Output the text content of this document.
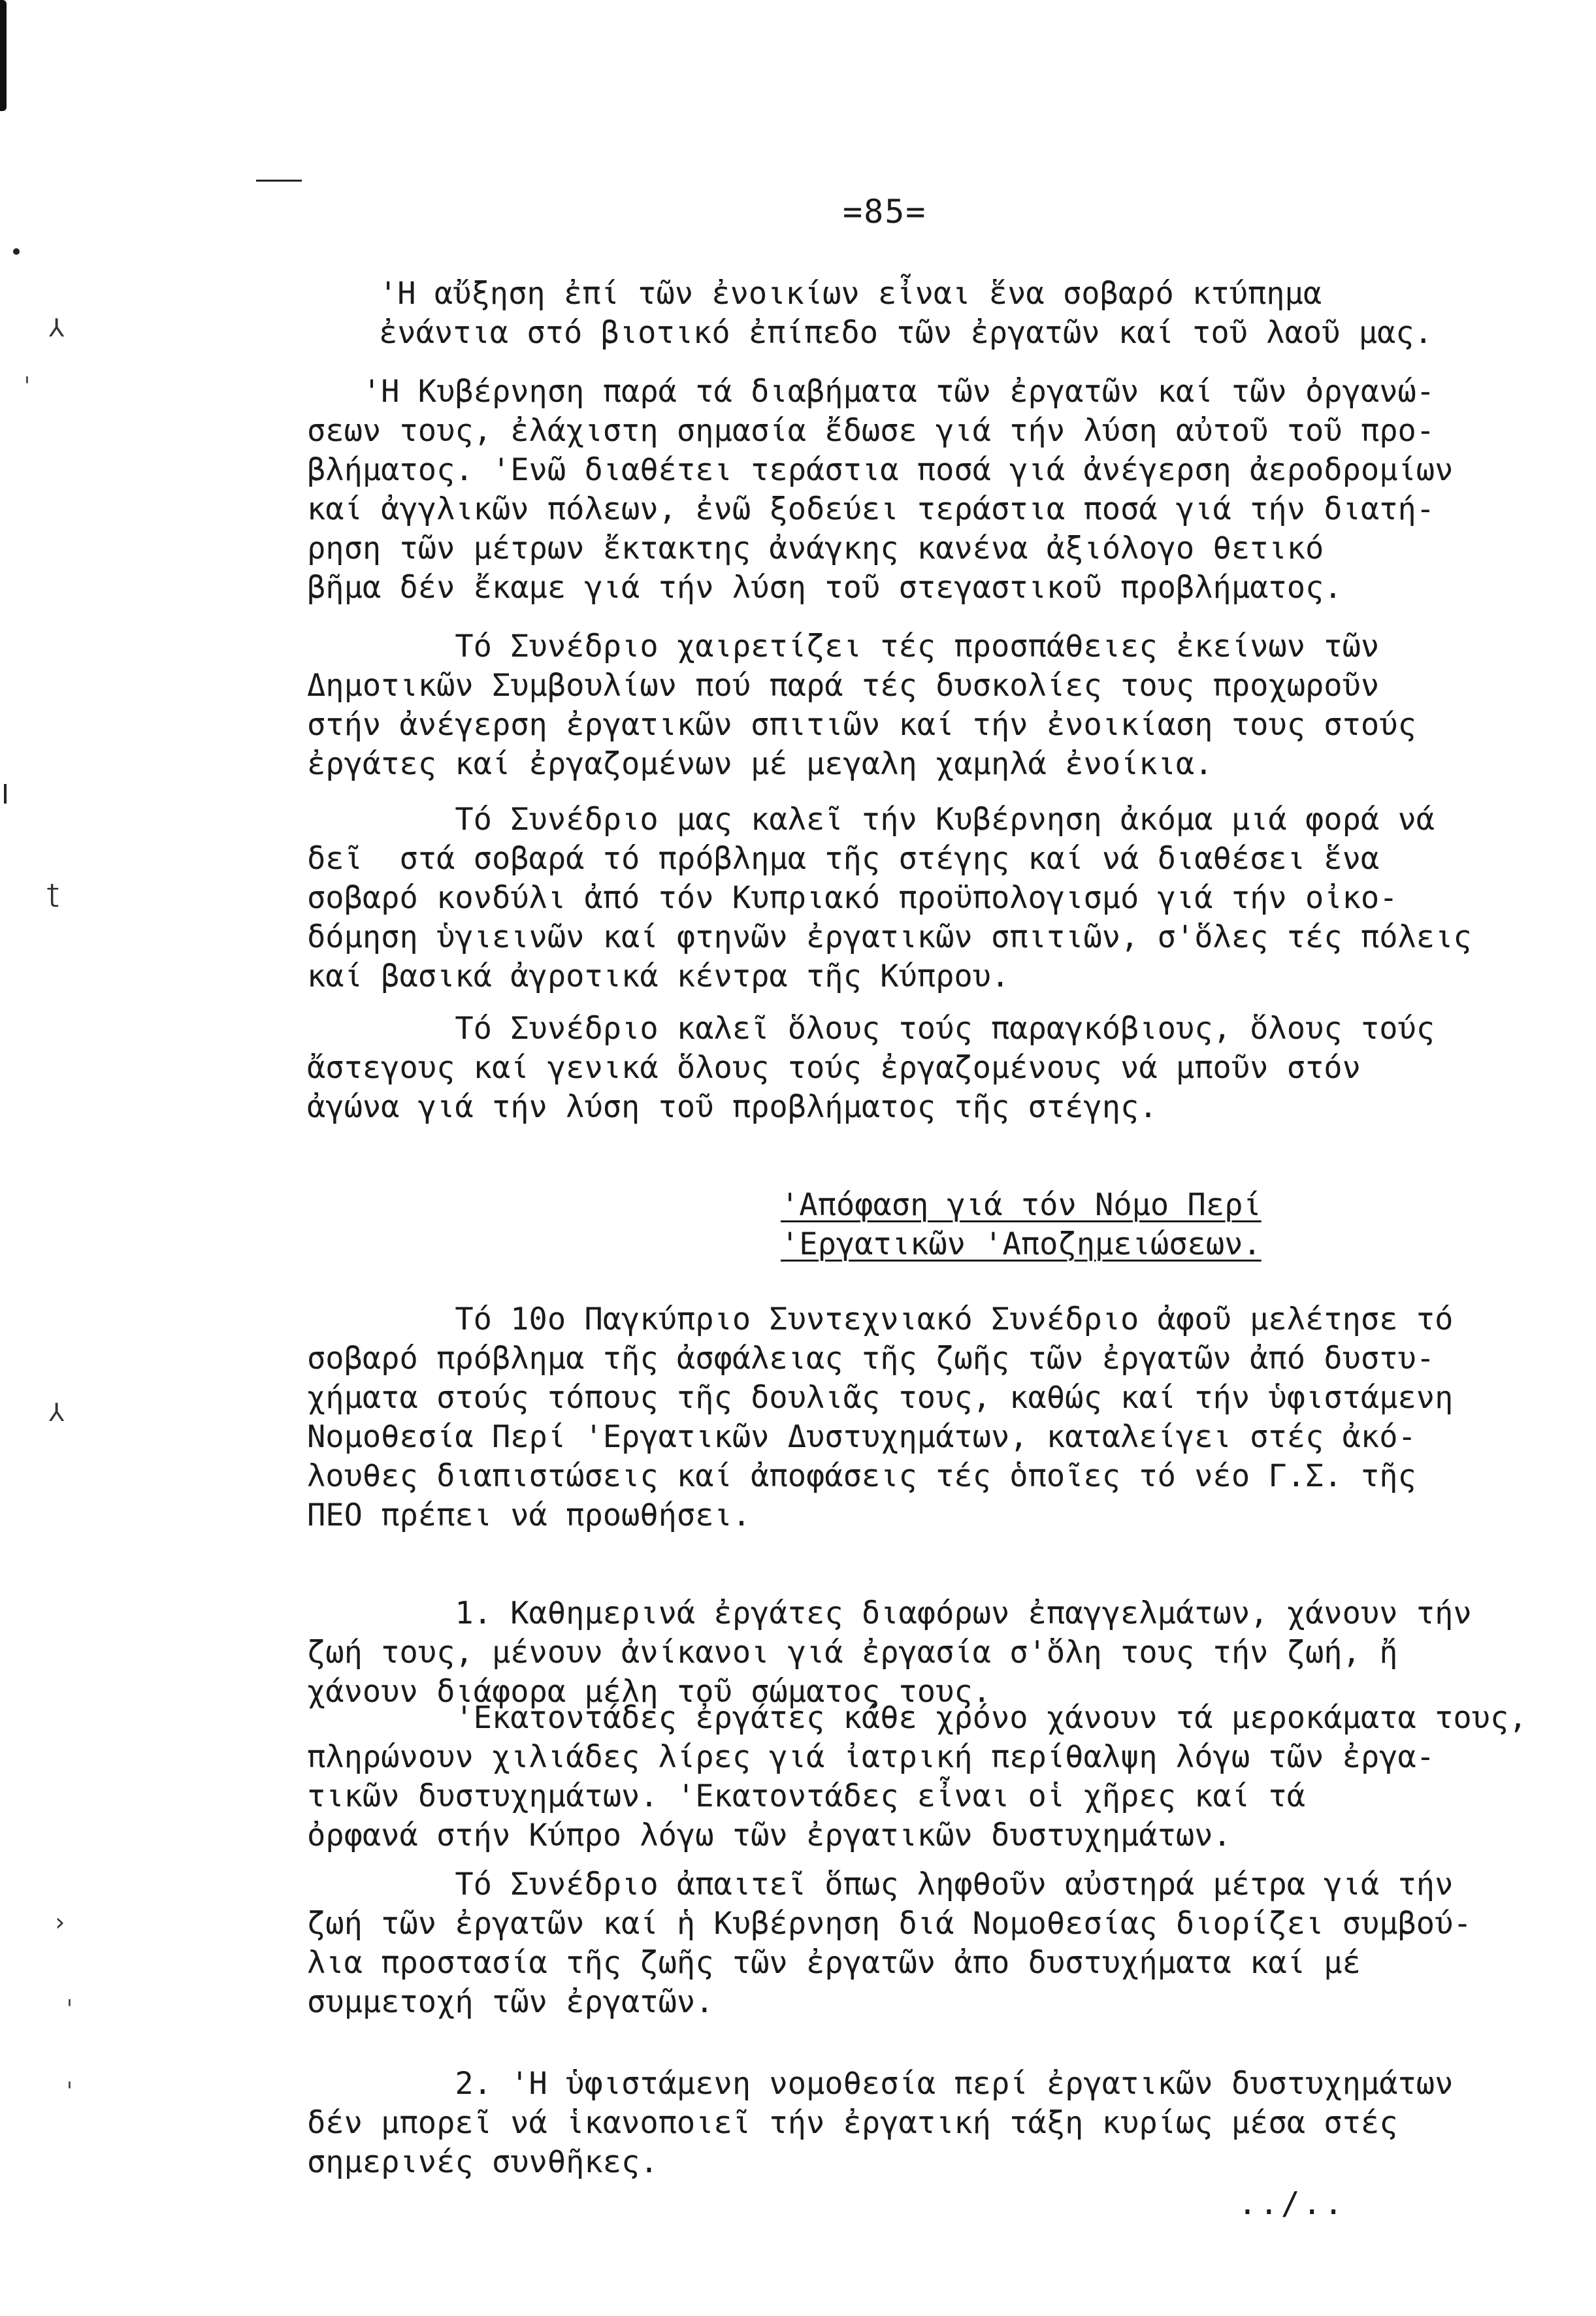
⅄
ˈ
ʈ
⅄
›
ˌ
ˈ
=85=
'Η αὔξηση ἐπί τῶν ἐνοικίων εἶναι ἕνα σοβαρό κτύπημα
ἐνάντια στό βιοτικό ἐπίπεδο τῶν ἐργατῶν καί τοῦ λαοῦ μας.
'Η Κυβέρνηση παρά τά διαβήματα τῶν ἐργατῶν καί τῶν ὀργανώ-
σεων τους, ἐλάχιστη σημασία ἔδωσε γιά τήν λύση αὐτοῦ τοῦ προ-
βλήματος. 'Ενῶ διαθέτει τεράστια ποσά γιά ἀνέγερση ἀεροδρομίων
καί ἀγγλικῶν πόλεων, ἐνῶ ξοδεύει τεράστια ποσά γιά τήν διατή-
ρηση τῶν μέτρων ἔκτακτης ἀνάγκης κανένα ἀξιόλογο θετικό
βῆμα δέν ἔκαμε γιά τήν λύση τοῦ στεγαστικοῦ προβλήματος.
Τό Συνέδριο χαιρετίζει τές προσπάθειες ἐκείνων τῶν
Δημοτικῶν Συμβουλίων πού παρά τές δυσκολίες τους προχωροῦν
στήν ἀνέγερση ἐργατικῶν σπιτιῶν καί τήν ἐνοικίαση τους στούς
ἐργάτες καί ἐργαζομένων μέ μεγαλη χαμηλά ἐνοίκια.
Τό Συνέδριο μας καλεῖ τήν Κυβέρνηση ἀκόμα μιά φορά νά
δεῖ  στά σοβαρά τό πρόβλημα τῆς στέγης καί νά διαθέσει ἕνα
σοβαρό κονδύλι ἀπό τόν Κυπριακό προϋπολογισμό γιά τήν οἰκο-
δόμηση ὑγιεινῶν καί φτηνῶν ἐργατικῶν σπιτιῶν, σ'ὅλες τές πόλεις
καί βασικά ἀγροτικά κέντρα τῆς Κύπρου.
Τό Συνέδριο καλεῖ ὅλους τούς παραγκόβιους, ὅλους τούς
ἄστεγους καί γενικά ὅλους τούς ἐργαζομένους νά μποῦν στόν
ἀγώνα γιά τήν λύση τοῦ προβλήματος τῆς στέγης.
'Απόφαση γιά τόν Νόμο Περί
'Εργατικῶν 'Αποζημειώσεων.
Τό 10ο Παγκύπριο Συντεχνιακό Συνέδριο ἀφοῦ μελέτησε τό
σοβαρό πρόβλημα τῆς ἀσφάλειας τῆς ζωῆς τῶν ἐργατῶν ἀπό δυστυ-
χήματα στούς τόπους τῆς δουλιᾶς τους, καθώς καί τήν ὑφιστάμενη
Νομοθεσία Περί 'Εργατικῶν Δυστυχημάτων, καταλείγει στές ἀκό-
λουθες διαπιστώσεις καί ἀποφάσεις τές ὁποῖες τό νέο Γ.Σ. τῆς
ΠΕΟ πρέπει νά προωθήσει.
1. Καθημερινά ἐργάτες διαφόρων ἐπαγγελμάτων, χάνουν τήν
ζωή τους, μένουν ἀνίκανοι γιά ἐργασία σ'ὅλη τους τήν ζωή, ἤ
χάνουν διάφορα μέλη τοῦ σώματος τους.
'Εκατοντάδες ἐργάτες κάθε χρόνο χάνουν τά μεροκάματα τους,
πληρώνουν χιλιάδες λίρες γιά ἰατρική περίθαλψη λόγω τῶν ἐργα-
τικῶν δυστυχημάτων. 'Εκατοντάδες εἶναι οἱ χῆρες καί τά
ὀρφανά στήν Κύπρο λόγω τῶν ἐργατικῶν δυστυχημάτων.
Τό Συνέδριο ἀπαιτεῖ ὅπως ληφθοῦν αὐστηρά μέτρα γιά τήν
ζωή τῶν ἐργατῶν καί ἡ Κυβέρνηση διά Νομοθεσίας διορίζει συμβού-
λια προστασία τῆς ζωῆς τῶν ἐργατῶν ἀπο δυστυχήματα καί μέ
συμμετοχή τῶν ἐργατῶν.
2. 'Η ὑφιστάμενη νομοθεσία περί ἐργατικῶν δυστυχημάτων
δέν μπορεῖ νά ἱκανοποιεῖ τήν ἐργατική τάξη κυρίως μέσα στές
σημερινές συνθῆκες.
../..
